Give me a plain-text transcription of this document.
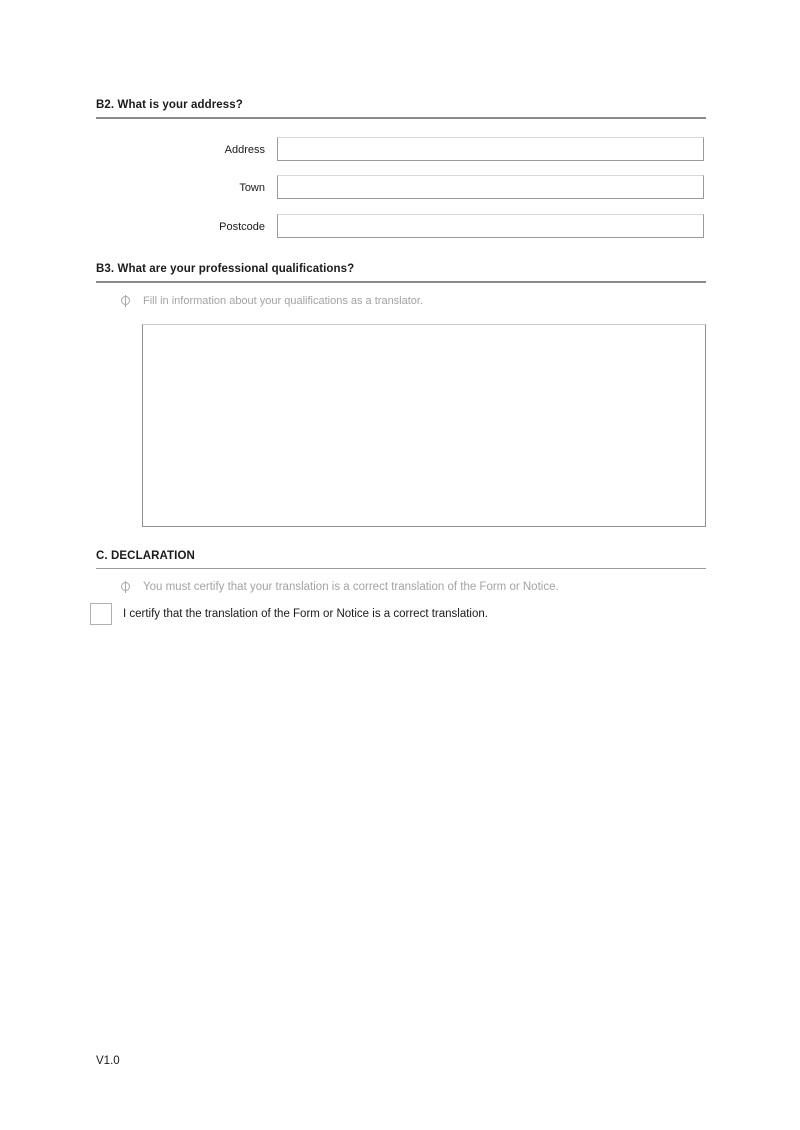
B2. What is your address?
Address
Town
Postcode
B3. What are your professional qualifications?
Fill in information about your qualifications as a translator.
C. DECLARATION
You must certify that your translation is a correct translation of the Form or Notice.
I certify that the translation of the Form or Notice is a correct translation.
V1.0
